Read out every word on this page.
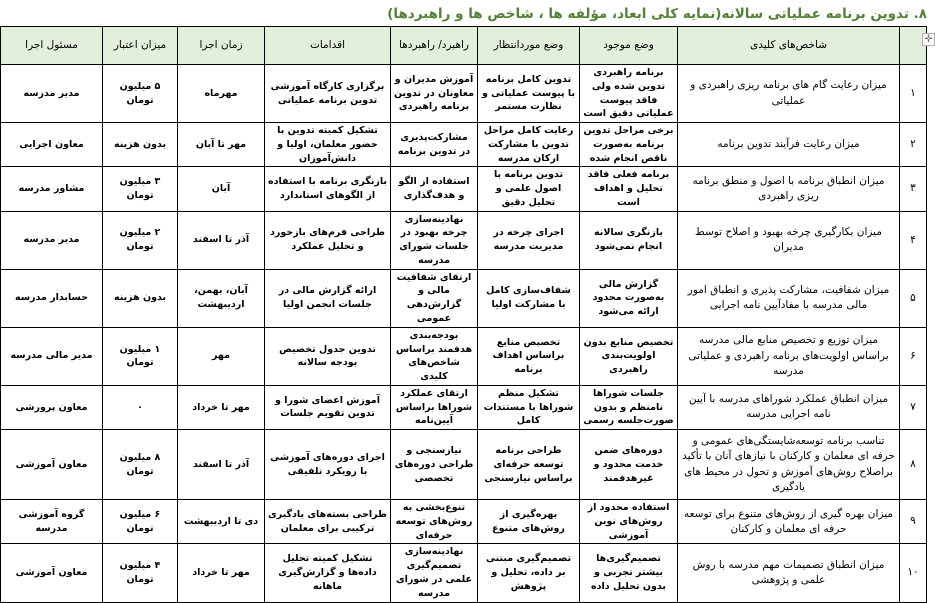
۸. تدوین برنامه عملیاتی سالانه(نمایه کلی ابعاد، مؤلفه ها ، شاخص ها و راهبردها)
✛
	شاخص‌های کلیدی	وضع موجود	وضع موردانتظار	راهبرد/ راهبردها	اقدامات	زمان اجرا	میزان اعتبار	مسئول اجرا
۱	میزان رعایت گام های برنامه ریزی راهبردی و عملیاتی	برنامه راهبردی تدوین شده ولی فاقد پیوست عملیاتی دقیق است	تدوین کامل برنامه با پیوست عملیاتی و نظارت مستمر	آموزش مدیران و معاونان در تدوین برنامه راهبردی	برگزاری کارگاه آموزشی تدوین برنامه عملیاتی	مهرماه	۵ میلیون تومان	مدیر مدرسه
۲	میزان رعایت فرآیند تدوین برنامه	برخی مراحل تدوین برنامه به‌صورت ناقص انجام شده	رعایت کامل مراحل تدوین با مشارکت ارکان مدرسه	مشارکت‌پذیری در تدوین برنامه	تشکیل کمیته تدوین با حضور معلمان، اولیا و دانش‌آموزان	مهر تا آبان	بدون هزینه	معاون اجرایی
۳	میزان انطباق برنامه با اصول و منطق برنامه ریزی راهبردی	برنامه فعلی فاقد تحلیل و اهداف است	تدوین برنامه با اصول علمی و تحلیل دقیق	استفاده از الگو و هدف‌گذاری	بازنگری برنامه با استفاده از الگوهای استاندارد	آبان	۳ میلیون تومان	مشاور مدرسه
۴	میزان بکارگیری چرخه بهبود و اصلاح توسط مدیران	بازنگری سالانه انجام نمی‌شود	اجرای چرخه در مدیریت مدرسه	نهادینه‌سازی چرخه بهبود در جلسات شورای مدرسه	طراحی فرم‌های بازخورد و تحلیل عملکرد	آذر تا اسفند	۲ میلیون تومان	مدیر مدرسه
۵	میزان شفافیت، مشارکت پذیری و انطباق امور مالی مدرسه با مفادآیین نامه اجرایی	گزارش مالی به‌صورت محدود ارائه می‌شود	شفاف‌سازی کامل با مشارکت اولیا	ارتقای شفافیت مالی و گزارش‌دهی عمومی	ارائه گزارش مالی در جلسات انجمن اولیا	آبان، بهمن، اردیبهشت	بدون هزینه	حسابدار مدرسه
۶	میزان توزیع و تخصیص منابع مالی مدرسه براساس اولویت‌های برنامه راهبردی و عملیاتی مدرسه	تخصیص منابع بدون اولویت‌بندی راهبردی	تخصیص منابع براساس اهداف برنامه	بودجه‌بندی هدفمند براساس شاخص‌های کلیدی	تدوین جدول تخصیص بودجه سالانه	مهر	۱ میلیون تومان	مدیر مالی مدرسه
۷	میزان انطباق عملکرد شوراهای مدرسه با آیین نامه اجرایی مدرسه	جلسات شوراها نامنظم و بدون صورت‌جلسه رسمی	تشکیل منظم شوراها با مستندات کامل	ارتقای عملکرد شوراها براساس آیین‌نامه	آموزش اعضای شورا و تدوین تقویم جلسات	مهر تا خرداد	۰	معاون پرورشی
۸	تناسب برنامه توسعه‌شایستگی‌های عمومی و حرفه ای معلمان و کارکنان با نیازهای آنان با تأکید براصلاح روش‌های آموزش و تحول در محیط های یادگیری	دوره‌های ضمن خدمت محدود و غیرهدفمند	طراحی برنامه توسعه حرفه‌ای براساس نیازسنجی	نیازسنجی و طراحی دوره‌های تخصصی	اجرای دوره‌های آموزشی با رویکرد تلفیقی	آذر تا اسفند	۸ میلیون تومان	معاون آموزشی
۹	میزان بهره گیری از روش‌های متنوع برای توسعه حرفه ای معلمان و کارکنان	استفاده محدود از روش‌های نوین آموزشی	بهره‌گیری از روش‌های متنوع	تنوع‌بخشی به روش‌های توسعه حرفه‌ای	طراحی بسته‌های یادگیری ترکیبی برای معلمان	دی تا اردیبهشت	۶ میلیون تومان	گروه آموزشی مدرسه
۱۰	میزان انطباق تصمیمات مهم مدرسه با روش علمی و پژوهشی	تصمیم‌گیری‌ها بیشتر تجربی و بدون تحلیل داده	تصمیم‌گیری مبتنی بر داده، تحلیل و پژوهش	نهادینه‌سازی تصمیم‌گیری علمی در شورای مدرسه	تشکیل کمیته تحلیل داده‌ها و گزارش‌گیری ماهانه	مهر تا خرداد	۴ میلیون تومان	معاون آموزشی
